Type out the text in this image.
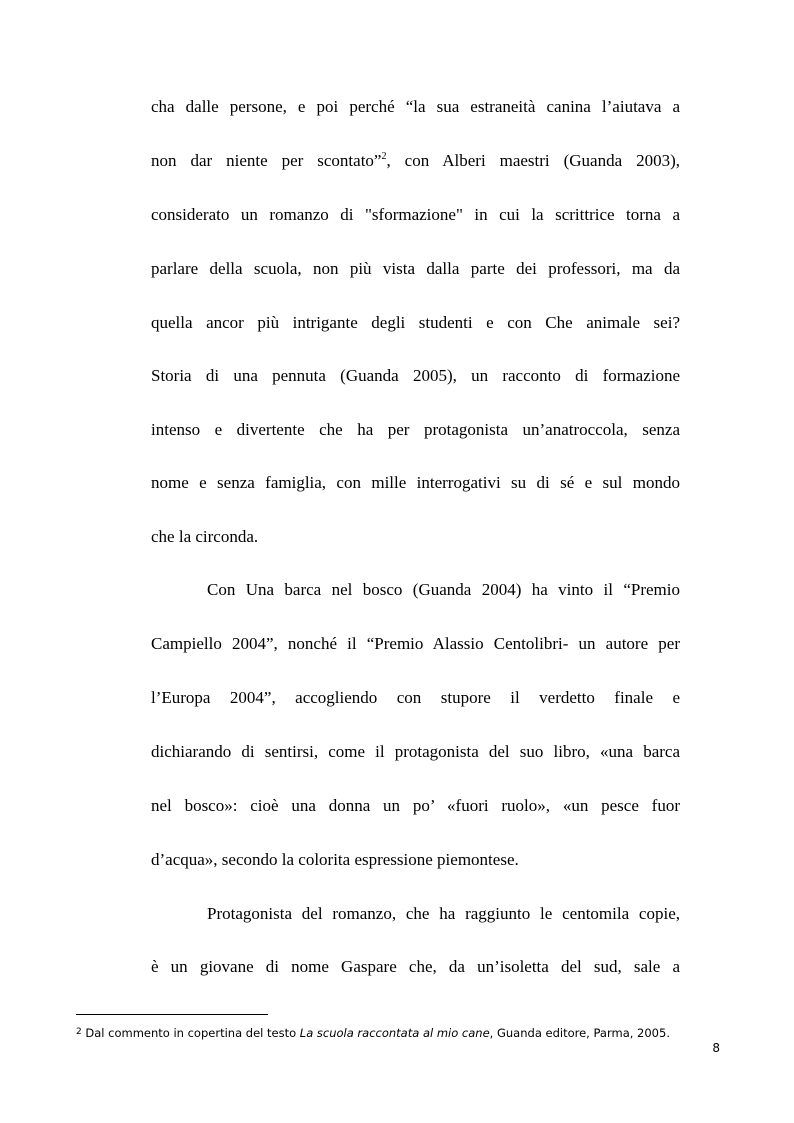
cha dalle persone, e poi perché “la sua estraneità canina l’aiutava a
non dar niente per scontato”$^2$, con Alberi maestri (Guanda 2003),
considerato un romanzo di "sformazione" in cui la scrittrice torna a
parlare della scuola, non più vista dalla parte dei professori, ma da
quella ancor più intrigante degli studenti e con Che animale sei?
Storia di una pennuta (Guanda 2005), un racconto di formazione
intenso e divertente che ha per protagonista un’anatroccola, senza
nome e senza famiglia, con mille interrogativi su di sé e sul mondo
che la circonda.
Con Una barca nel bosco (Guanda 2004) ha vinto il “Premio
Campiello 2004”, nonché il “Premio Alassio Centolibri- un autore per
l’Europa 2004”, accogliendo con stupore il verdetto finale e
dichiarando di sentirsi, come il protagonista del suo libro, «una barca
nel bosco»: cioè una donna un po’ «fuori ruolo», «un pesce fuor
d’acqua», secondo la colorita espressione piemontese.
Protagonista del romanzo, che ha raggiunto le centomila copie,
è un giovane di nome Gaspare che, da un’isoletta del sud, sale a
$^2$ Dal commento in copertina del testo La scuola raccontata al mio cane, Guanda editore, Parma, 2005.
8
